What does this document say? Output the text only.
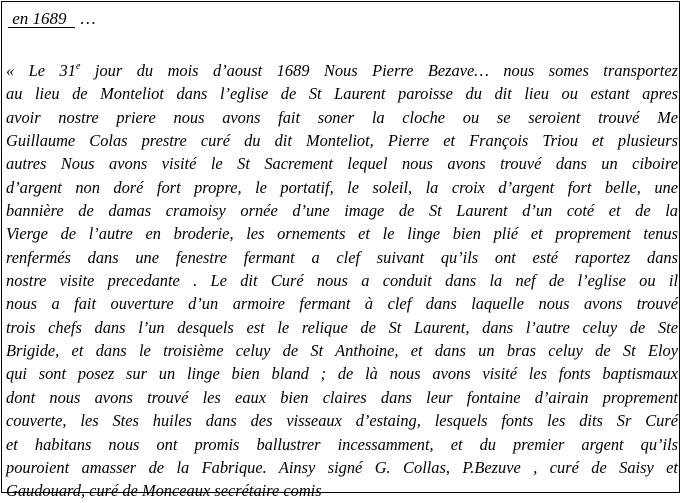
en 1689   …
« Le 31e jour du mois d’aoust 1689 Nous Pierre Bezave… nous somes transportez
au lieu de Monteliot dans l’eglise de St Laurent paroisse du dit lieu ou estant apres
avoir nostre priere nous avons fait soner la cloche ou se seroient trouvé Me
Guillaume Colas prestre curé du dit Monteliot, Pierre et François Triou et plusieurs
autres Nous avons visité le St Sacrement lequel nous avons trouvé dans un ciboire
d’argent non doré fort propre, le portatif, le soleil, la croix d’argent fort belle, une
bannière de damas cramoisy ornée d’une image de St Laurent d’un coté et de la
Vierge de l’autre en broderie, les ornements et le linge bien plié et proprement tenus
renfermés dans une fenestre fermant a clef suivant qu’ils ont esté raportez dans
nostre visite precedante . Le dit Curé nous a conduit dans la nef de l’eglise ou il
nous a fait ouverture d’un armoire fermant à clef dans laquelle nous avons trouvé
trois chefs dans l’un desquels est le relique de St Laurent, dans l’autre celuy de Ste
Brigide, et dans le troisième celuy de St Anthoine, et dans un bras celuy de St Eloy
qui sont posez sur un linge bien bland ; de là nous avons visité les fonts baptismaux
dont nous avons trouvé les eaux bien claires dans leur fontaine d’airain proprement
couverte, les Stes huiles dans des visseaux d’estaing, lesquels fonts les dits Sr Curé
et habitans nous ont promis ballustrer incessamment, et du premier argent qu’ils
pouroient amasser de la Fabrique. Ainsy signé G. Collas, P.Bezuve , curé de Saisy et
Gaudouard, curé de Monceaux secrétaire comis
